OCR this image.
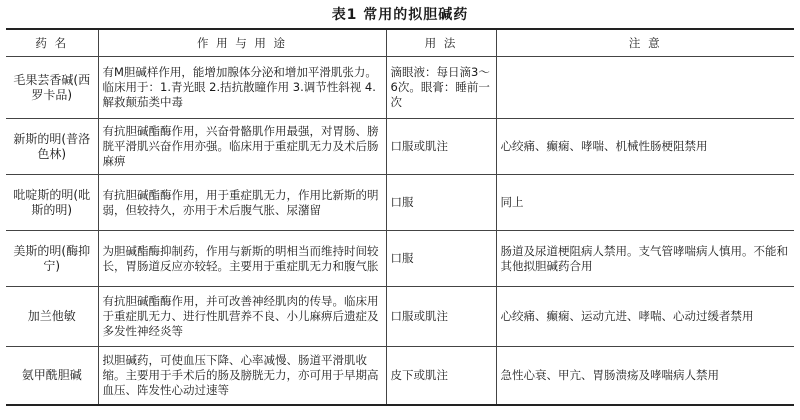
表1 常用的拟胆碱药
药 名	作 用 与 用 途	用 法	注 意
毛果芸香碱(西罗卡品)	有M胆碱样作用，能增加腺体分泌和增加平滑肌张力。临床用于：1.青光眼 2.拮抗散瞳作用 3.调节性斜视 4.解救颠茄类中毒	滴眼液：每日滴3～6次。眼膏：睡前一次	
新斯的明(普洛色林)	有抗胆碱酯酶作用，兴奋骨骼肌作用最强，对胃肠、膀胱平滑肌兴奋作用亦强。临床用于重症肌无力及术后肠麻痹	口服或肌注	心绞痛、癫痫、哮喘、机械性肠梗阻禁用
吡啶斯的明(吡斯的明)	有抗胆碱酯酶作用，用于重症肌无力，作用比新斯的明弱，但较持久，亦用于术后腹气胀、尿潴留	口服	同上
美斯的明(酶抑宁)	为胆碱酯酶抑制药，作用与新斯的明相当而维持时间较长，胃肠道反应亦较轻。主要用于重症肌无力和腹气胀	口服	肠道及尿道梗阻病人禁用。支气管哮喘病人慎用。不能和其他拟胆碱药合用
加兰他敏	有抗胆碱酯酶作用，并可改善神经肌肉的传导。临床用于重症肌无力、进行性肌营养不良、小儿麻痹后遗症及多发性神经炎等	口服或肌注	心绞痛、癫痫、运动亢进、哮喘、心动过缓者禁用
氨甲酰胆碱	拟胆碱药，可使血压下降、心率减慢、肠道平滑肌收缩。主要用于手术后的肠及膀胱无力，亦可用于早期高血压、阵发性心动过速等	皮下或肌注	急性心衰、甲亢、胃肠溃疡及哮喘病人禁用
